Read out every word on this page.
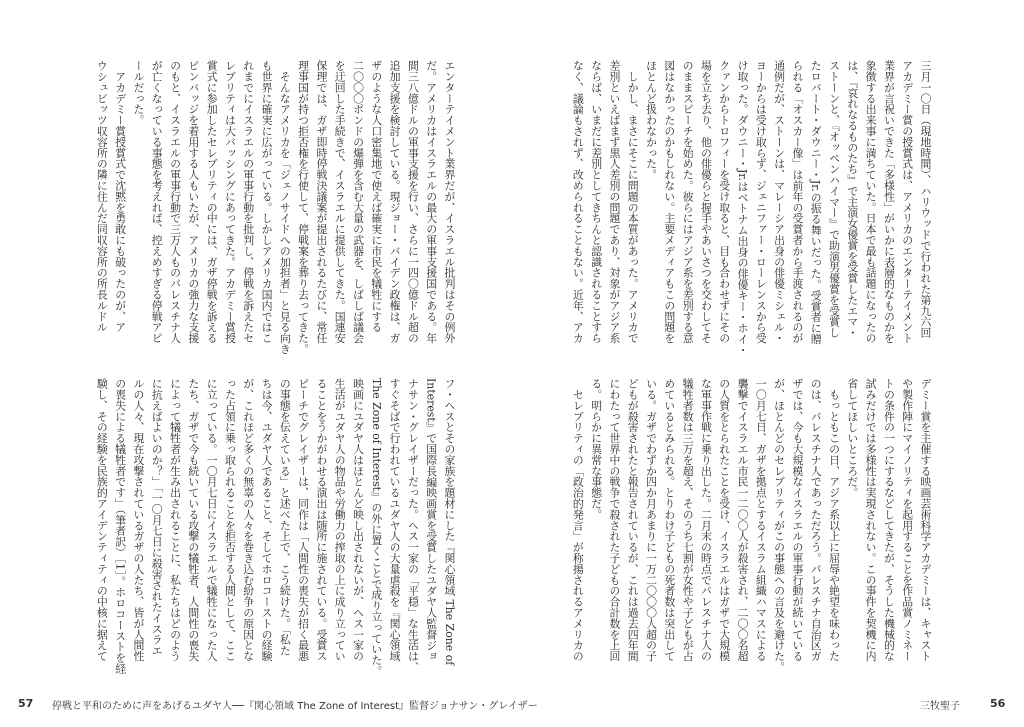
エンターテイメント業界だが、イスラエル批判はその例外
だ。アメリカはイスラエルの最大の軍事支援国である。年
間三八億ドルの軍事支援を行い、さらに一四〇億ドル超の
追加支援を検討している。現ジョー・バイデン政権は、ガ
ザのような人口密集地で使えば確実に市民を犠牲にする
二〇〇〇ポンドの爆弾を含む大量の武器を、しばしば議会
を迂回した手続きで、イスラエルに提供してきた。国連安
保理では、ガザ即時停戦決議案が提出されるたびに、常任
理事国が持つ拒否権を行使して、停戦案を葬り去ってきた。
　そんなアメリカを「ジェノサイドへの加担者」と見る向き
も世界に確実に広がっている。しかしアメリカ国内ではこ
れまでにイスラエルの軍事行動を批判し、停戦を訴えたセ
レブリティは大バッシングにあってきた。アカデミー賞授
賞式に参加したセレブリティの中には、ガザ停戦を訴える
ピンバッジを着用する人もいたが、アメリカの強力な支援
のもと、イスラエルの軍事行動で三万人ものパレスチナ人
が亡くなっている事態を考えれば、控えめすぎる停戦アピ
ールだった。
　アカデミー賞授賞式で沈黙を勇敢にも破ったのが、ア
ウシュビッツ収容所の隣に住んだ同収容所の所長ルドル
フ・ヘスとその家族を題材にした『関心領域 The Zone of
Interest』で国際長編映画賞を受賞したユダヤ人監督ジョ
ナサン・グレイザーだった。ヘス一家の「平穏」な生活は、
すぐそばで行われているユダヤ人の大量虐殺を『関心領域
The Zone of Interest』の外に置くことで成り立っていた。
映画にユダヤ人はほとんど映し出されないが、ヘス一家の
生活がユダヤ人の物品や労働力の搾取の上に成り立ってい
ることをうかがわせる演出は随所に施されている。受賞ス
ピーチでグレイザーは、同作は「人間性の喪失が招く最悪
の事態を伝えている」と述べた上で、こう続けた。「私た
ちは今、ユダヤ人であること、そしてホロコーストの経験
が、これほど多くの無辜の人々を巻き込む紛争の原因とな
った占領に乗っ取られることを拒否する人間として、ここ
に立っている。一〇月七日にイスラエルで犠牲になった人
たち、ガザで今も続いている攻撃の犠牲者、人間性の喪失
によって犠牲者が生み出されることに、私たちはどのよう
に抗えばよいのか？」「一〇月七日に殺害されたイスラエ
ルの人々、現在攻撃されているガザの人たち、皆が人間性
の喪失による犠牲者です」（筆者訳）［1］。ホロコーストを経
験し、その経験を民族的アイデンティティの中核に据えて
三月一〇日（現地時間）、ハリウッドで行われた第九六回
アカデミー賞の授賞式は、アメリカのエンターテイメント
業界が言祝いできた「多様性」がいかに表層的なものかを
象徴する出来事に満ちていた。日本で最も話題になったの
は、『哀れなるものたち』で主演女優賞を受賞したエマ・
ストーンと、『オッペンハイマー』で助演男優賞を受賞し
たロバート・ダウニー・Jr.の振る舞いだった。受賞者に贈
られる「オスカー像」は前年の受賞者から手渡されるのが
通例だが、ストーンは、マレーシア出身の俳優ミシェル・
ヨーからは受け取らず、ジェニファー・ローレンスから受
け取った。ダウニー・Jr.はベトナム出身の俳優キー・ホイ・
クァンからトロフィーを受け取ると、目も合わせずにその
場を立ち去り、他の俳優らと握手やあいさつを交わしてそ
のままスピーチを始めた。彼らにはアジア系を差別する意
図はなかったのかもしれない。主要メディアもこの問題を
ほとんど扱わなかった。
　しかし、まさにそこに問題の本質があった。アメリカで
差別といえばまず黒人差別の問題であり、対象がアジア系
ならば、いまだに差別としてきちんと認識されることすら
なく、議論もされず、改められることもない。近年、アカ
デミー賞を主催する映画芸術科学アカデミーは、キャスト
や製作陣にマイノリティを起用することを作品賞ノミネー
トの条件の一つにするなどしてきたが、そうした機械的な
試みだけでは多様性は実現されない。この事件を契機に内
省してほしいところだ。
　もっともこの日、アジア系以上に屈辱や絶望を味わった
のは、パレスチナ人であっただろう。パレスチナ自治区ガ
ザでは、今も大規模なイスラエルの軍事行動が続いている
が、ほとんどのセレブリティがこの事態への言及を避けた。
一〇月七日、ガザを拠点とするイスラム組織ハマスによる
襲撃でイスラエル市民一二〇〇人が殺害され、二〇〇名超
の人質をとられたことを受け、イスラエルはガザで大規模
な軍事作戦に乗り出した。二月末の時点でパレスチナ人の
犠牲者数は三万を超え、そのうち七割が女性や子どもが占
めているとみられる。とりわけ子どもの死者数は突出して
いる。ガザでわずか四か月あまりに一万二〇〇〇人超の子
どもが殺害されたと報告されているが、これは過去四年間
にわたって世界中の戦争で殺された子どもの合計数を上回
る。明らかに異常な事態だ。
　セレブリティの「政治的発言」が称揚されるアメリカの
57 停戦と平和のために声をあげるユダヤ人──『関心領域 The Zone of Interest』監督ジョナサン・グレイザー	三牧聖子	56
